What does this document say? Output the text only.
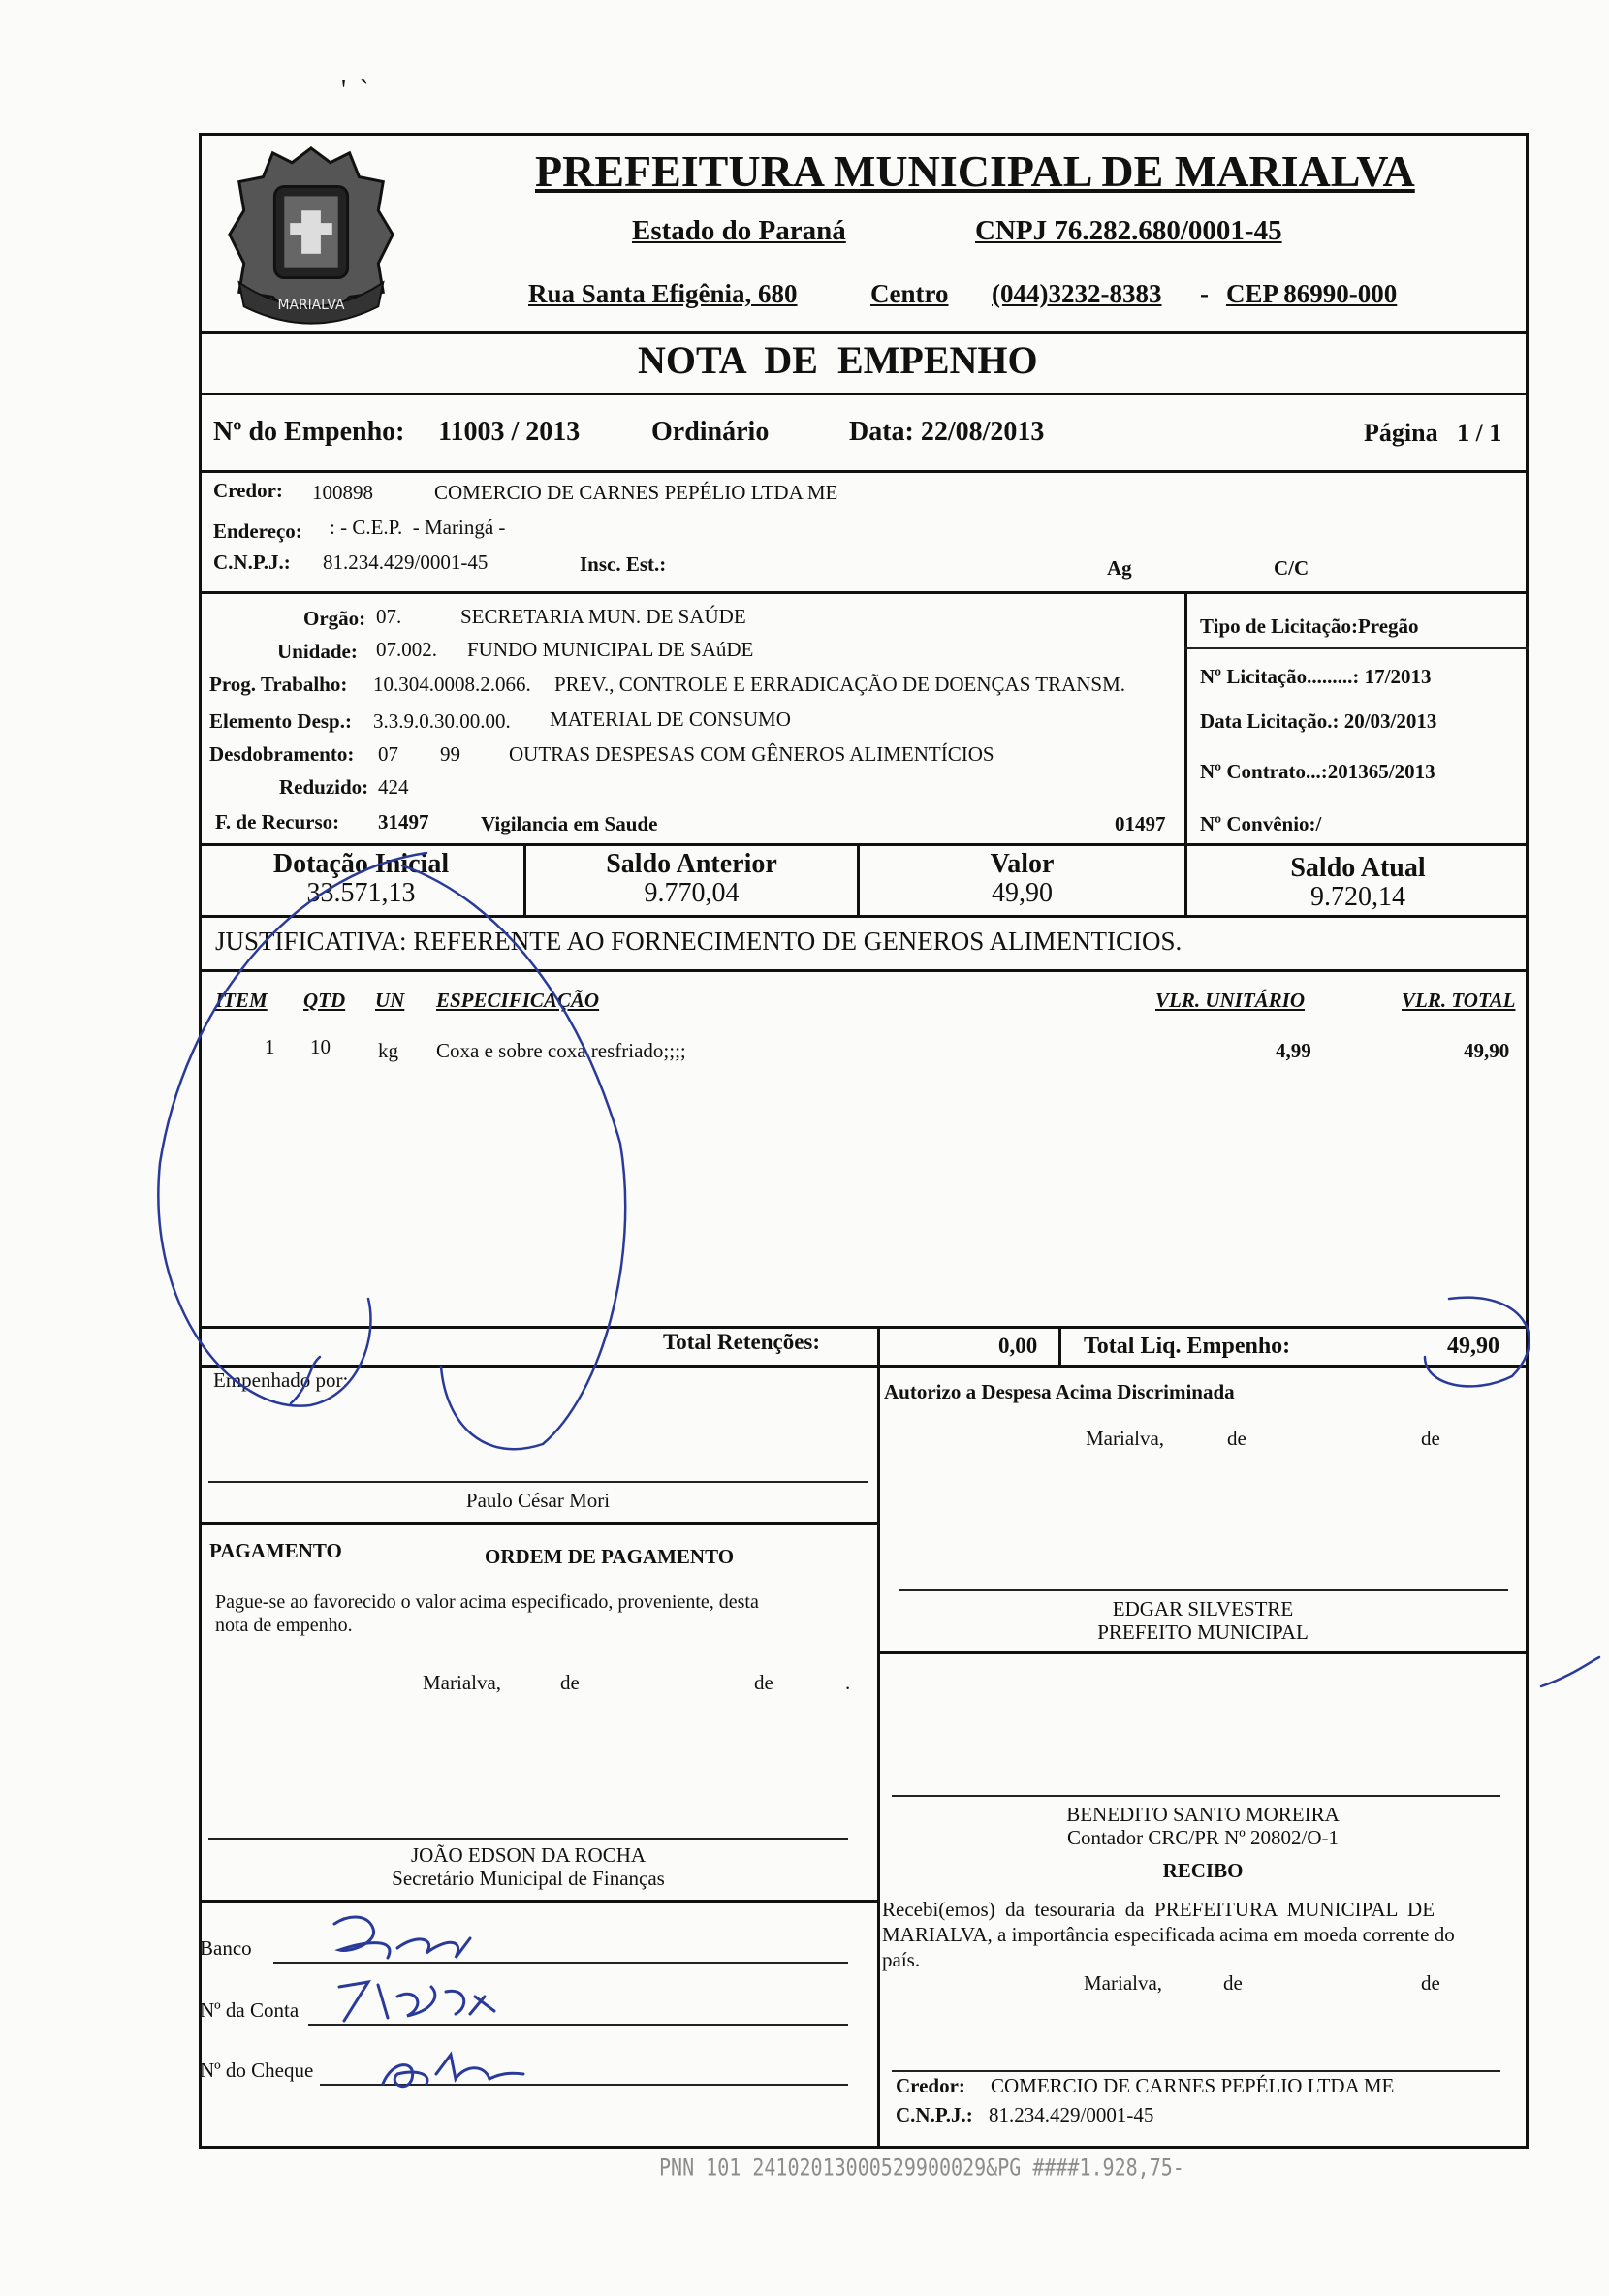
'  `
MARIALVA
PREFEITURA MUNICIPAL DE MARIALVA
Estado do Paraná	CNPJ 76.282.680/0001-45
Rua Santa Efigênia, 680	Centro (044)3232-8383 - CEP 86990-000
NOTA  DE  EMPENHO
Nº do Empenho: 11003 / 2013	Ordinário	Data: 22/08/2013	Página   1 / 1
Credor: 100898	COMERCIO DE CARNES PEPÉLIO LTDA ME
Endereço: : - C.E.P.  - Maringá -
C.N.P.J.: 81.234.429/0001-45	Insc. Est.:	Ag	C/C
Orgão: 07.	SECRETARIA MUN. DE SAÚDE
Unidade: 07.002. FUNDO MUNICIPAL DE SAúDE
Prog. Trabalho: 10.304.0008.2.066. PREV., CONTROLE E ERRADICAÇÃO DE DOENÇAS TRANSM.
Elemento Desp.: 3.3.9.0.30.00.00. MATERIAL DE CONSUMO
Desdobramento: 07 99 OUTRAS DESPESAS COM GÊNEROS ALIMENTÍCIOS
Reduzido: 424
F. de Recurso: 31497	Vigilancia em Saude	01497
Tipo de Licitação:Pregão
Nº Licitação.........: 17/2013
Data Licitação.: 20/03/2013
Nº Contrato...:201365/2013
Nº Convênio:/
Dotação Inicial
33.571,13
Saldo Anterior
9.770,04
Valor
49,90
Saldo Atual
9.720,14
JUSTIFICATIVA: REFERENTE AO FORNECIMENTO DE GENEROS ALIMENTICIOS.
ITEM QTD UN ESPECIFICAÇÃO	VLR. UNITÁRIO	VLR. TOTAL
1 10 kg Coxa e sobre coxa resfriado;;;;	4,99	49,90
Total Retenções:	0,00 Total Liq. Empenho:	49,90
Empenhado por:
Paulo César Mori
Autorizo a Despesa Acima Discriminada
Marialva,	de	de
EDGAR SILVESTRE
PREFEITO MUNICIPAL
PAGAMENTO	ORDEM DE PAGAMENTO
Pague-se ao favorecido o valor acima especificado, proveniente, desta
nota de empenho.
Marialva,	de	de	.
JOÃO EDSON DA ROCHA
Secretário Municipal de Finanças
BENEDITO SANTO MOREIRA
Contador CRC/PR Nº 20802/O-1
RECIBO
Recebi(emos)  da  tesouraria  da  PREFEITURA  MUNICIPAL  DE
MARIALVA, a importância especificada acima em moeda corrente do
país.
Marialva,	de	de
Credor: COMERCIO DE CARNES PEPÉLIO LTDA ME
C.N.P.J.: 81.234.429/0001-45
Banco
Nº da Conta
Nº do Cheque
PNN 101 24102013000529900029&PG ####1.928,75-
